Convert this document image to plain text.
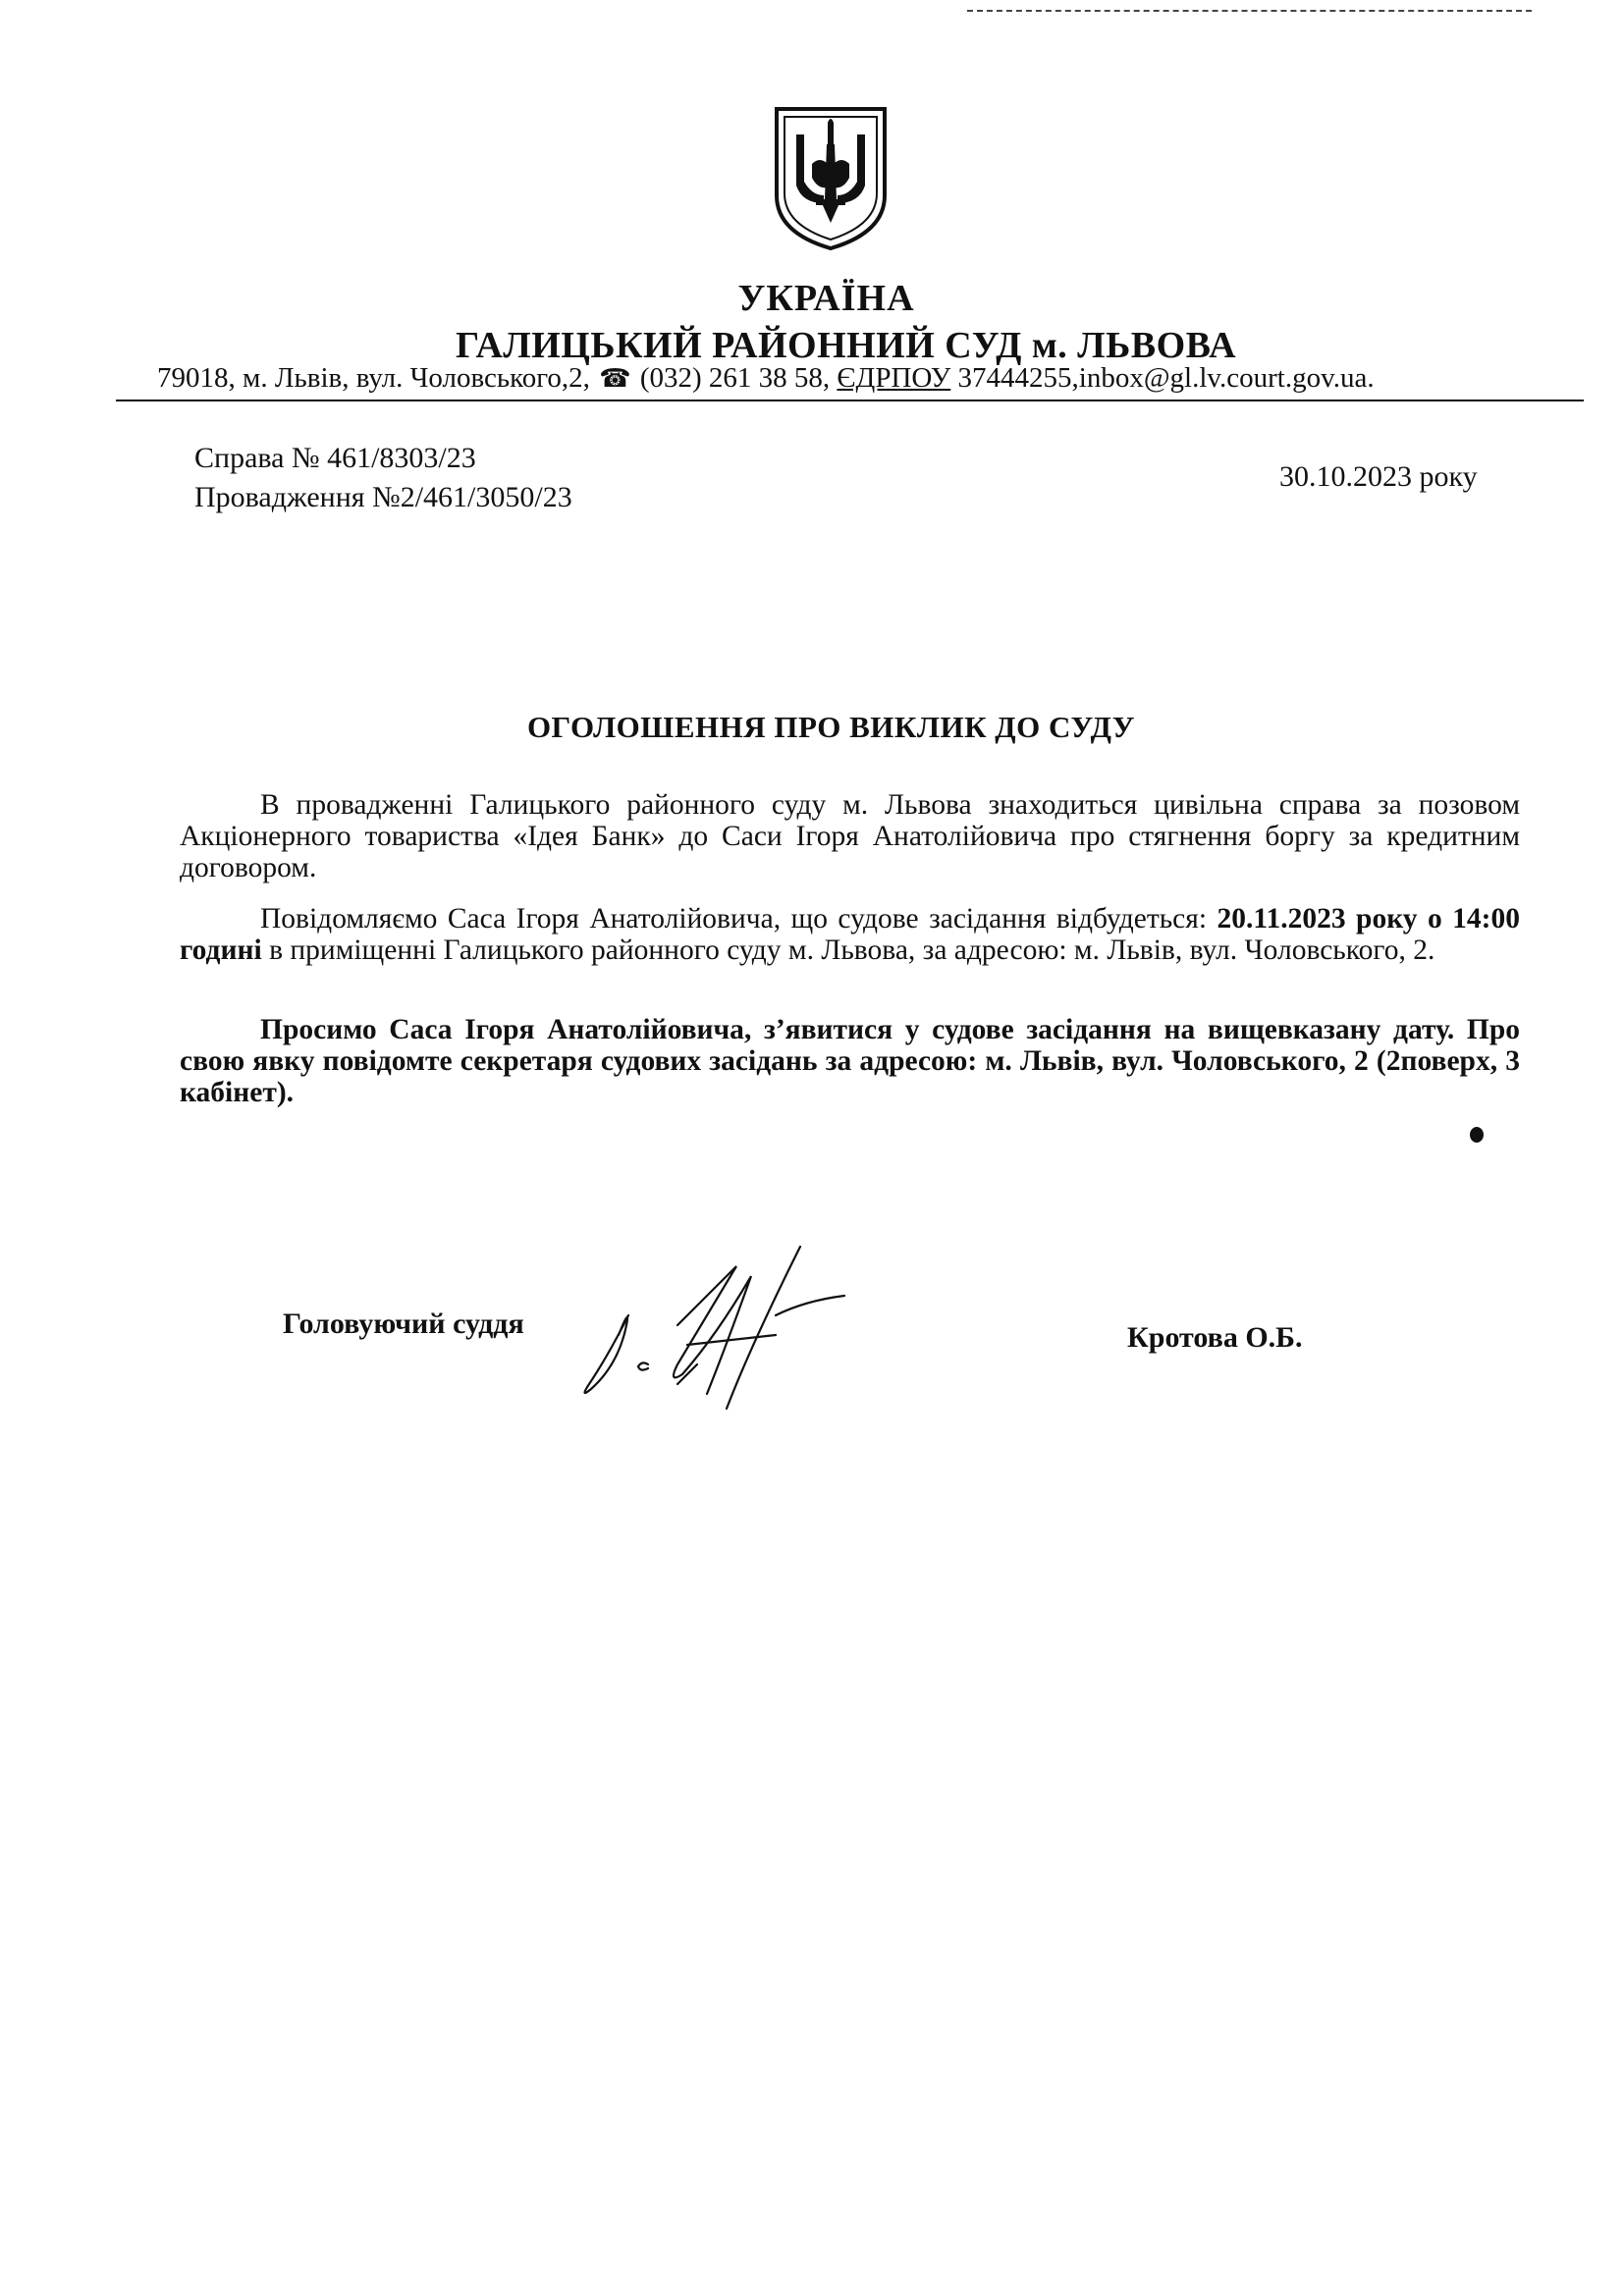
УКРАЇНА
ГАЛИЦЬКИЙ РАЙОННИЙ СУД м. ЛЬВОВА
79018, м. Львів, вул. Чоловського,2, ☎ (032) 261 38 58, ЄДРПОУ 37444255,inbox@gl.lv.court.gov.ua.
Справа № 461/8303/23
Провадження №2/461/3050/23
30.10.2023 року
ОГОЛОШЕННЯ ПРО ВИКЛИК ДО СУДУ

В провадженні Галицького районного суду м. Львова знаходиться цивільна справа за позовом Акціонерного товариства «Ідея Банк» до Саси Ігоря Анатолійовича про стягнення боргу за кредитним договором.

Повідомляємо Саса Ігоря Анатолійовича, що судове засідання відбудеться: 20.11.2023 року о 14:00 годині в приміщенні Галицького районного суду м. Львова, за адресою: м. Львів, вул. Чоловського, 2.

Просимо Саса Ігоря Анатолійовича, з’явитися у судове засідання на вищевказану дату. Про свою явку повідомте секретаря судових засідань за адресою: м. Львів, вул. Чоловського, 2 (2поверх, 3 кабінет).

Головуючий суддя	Кротова О.Б.
